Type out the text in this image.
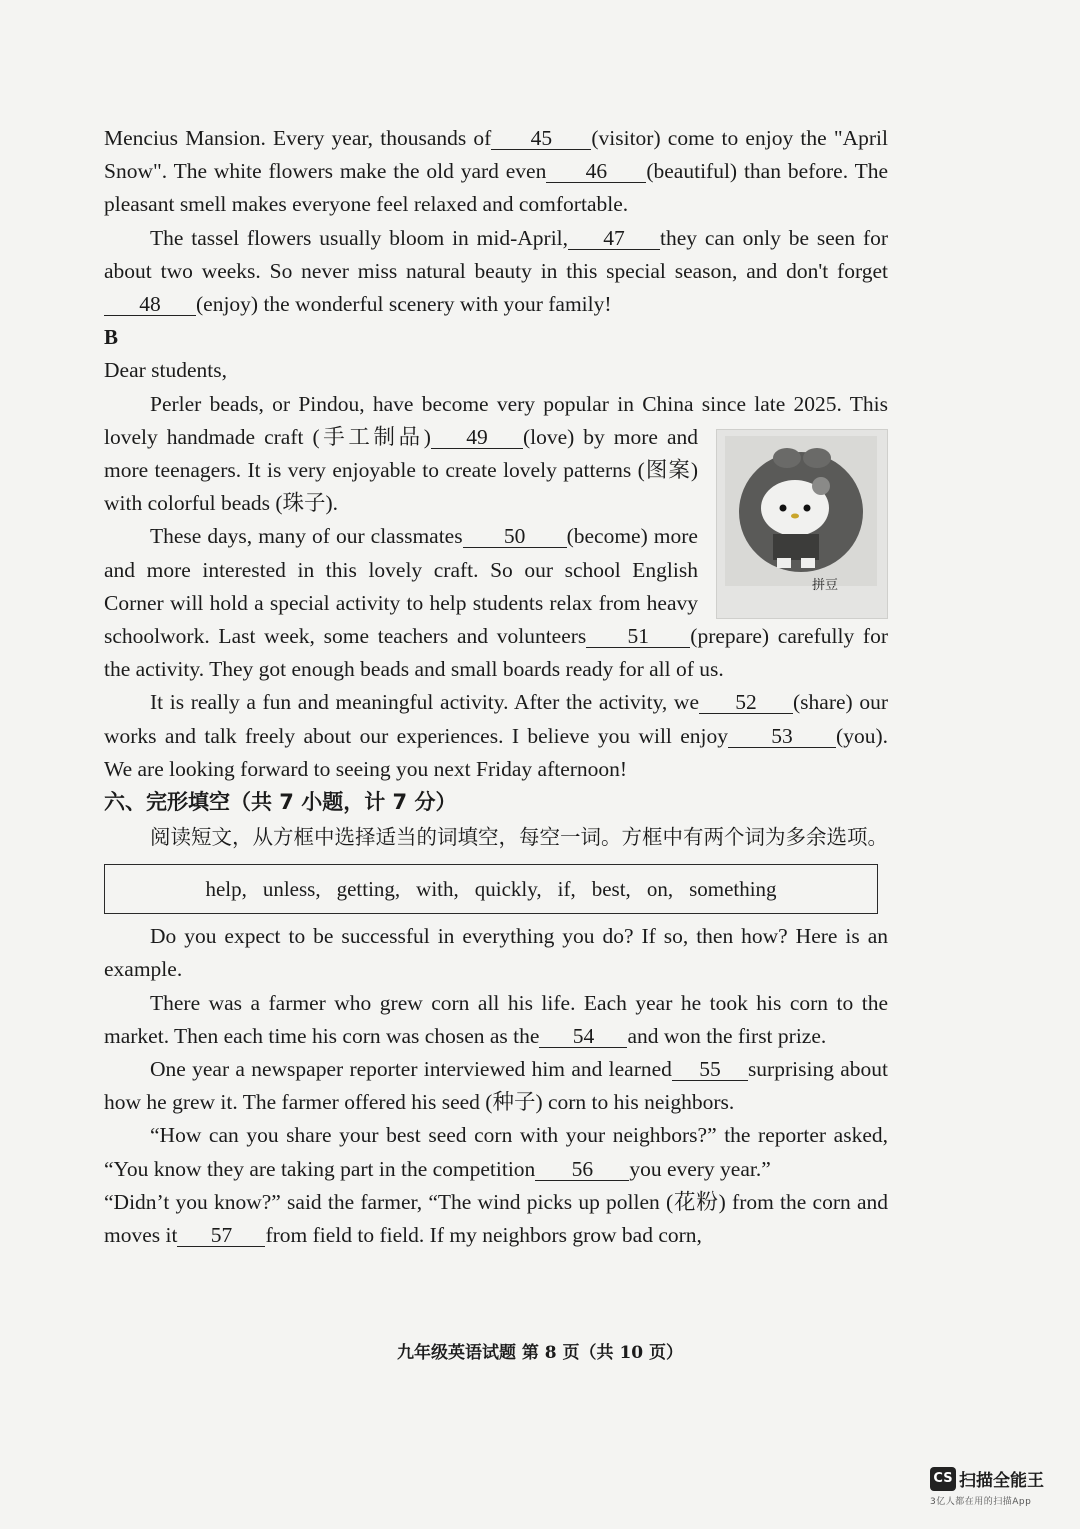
Mencius Mansion. Every year, thousands of 45 (visitor) come to enjoy the "April Snow". The white flowers make the old yard even 46 (beautiful) than before. The pleasant smell makes everyone feel relaxed and comfortable.

The tassel flowers usually bloom in mid-April, 47 they can only be seen for about two weeks. So never miss natural beauty in this special season, and don't forget48 (enjoy) the wonderful scenery with your family!

B

Dear students,

Perler beads, or Pindou, have become very popular in China since late 2025. This lovely handmade craft (手工制品) 49
拼豆
(love) by more and more teenagers. It is very enjoyable to create lovely patterns (图案) with colorful beads (珠子).

These days, many of our classmates 50 (become) more and more interested in this lovely craft. So our school English Corner will hold a special activity to help students relax from heavy schoolwork. Last week, some teachers and volunteers 51 (prepare) carefully for the activity. They got enough beads and small boards ready for all of us.

It is really a fun and meaningful activity. After the activity, we 52 (share) our works and talk freely about our experiences. I believe you will enjoy 53 (you). We are looking forward to seeing you next Friday afternoon!

六、完形填空（共 7 小题，计 7 分）

阅读短文，从方框中选择适当的词填空，每空一词。方框中有两个词为多余选项。

help, unless, getting, with, quickly, if, best, on, something

Do you expect to be successful in everything you do? If so, then how? Here is an example.

There was a farmer who grew corn all his life. Each year he took his corn to the market. Then each time his corn was chosen as the 54 and won the first prize.

One year a newspaper reporter interviewed him and learned 55 surprising about how he grew it. The farmer offered his seed (种子) corn to his neighbors.

“How can you share your best seed corn with your neighbors?” the reporter asked, “You know they are taking part in the competition 56 you every year.”

“Didn’t you know?” said the farmer, “The wind picks up pollen (花粉) from the corn and moves it 57 from field to field. If my neighbors grow bad corn,

九年级英语试题 第 8 页（共 10 页）
CS 扫描全能王
3亿人都在用的扫描App
